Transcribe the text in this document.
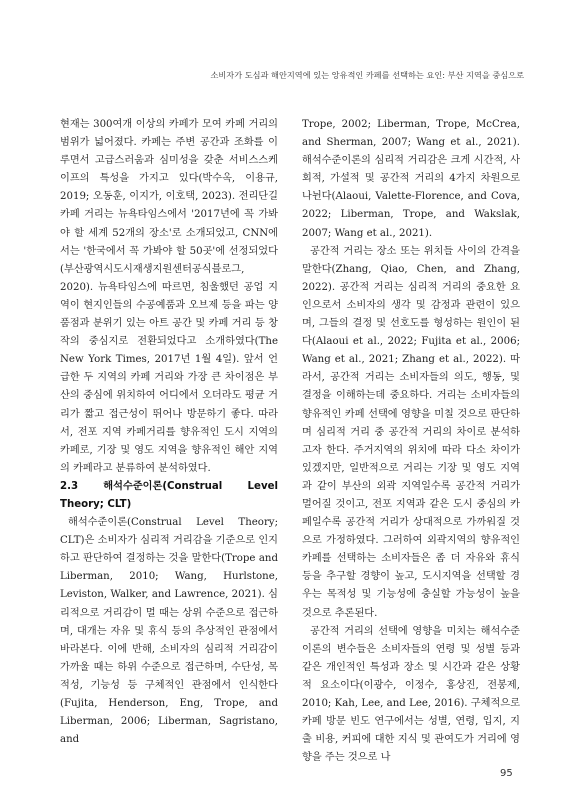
소비자가 도심과 해안지역에 있는 앙유적인 카페를 선택하는 요인: 부산 지역을 중심으로

현재는 300여개 이상의 카페가 모여 카페 거리의 범위가 넓어졌다. 카페는 주변 공간과 조화를 이루면서 고급스러움과 심미성을 갖춘 서비스스케이프의 특성을 가지고 있다(박수옥, 이용규, 2019; 오동훈, 이지가, 이호택, 2023). 전리단길 카페 거리는 뉴욕타임스에서 '2017년에 꼭 가봐야 할 세계 52개의 장소'로 소개되었고, CNN에서는 '한국에서 꼭 가봐야 할 50곳'에 선정되었다(부산광역시도시재생지원센터공식블로그, 2020). 뉴욕타임스에 따르면, 침울했던 공업 지역이 현지인들의 수공예품과 오브제 등을 파는 양품점과 분위기 있는 아트 공간 및 카페 거리 등 창작의 중심지로 전환되었다고 소개하였다(The New York Times, 2017년 1월 4일). 앞서 언급한 두 지역의 카페 거리와 가장 큰 차이점은 부산의 중심에 위치하여 어디에서 오더라도 평균 거리가 짧고 접근성이 뛰어나 방문하기 좋다. 따라서, 전포 지역 카페거리를 향유적인 도시 지역의 카페로, 기장 및 영도 지역을 향유적인 해안 지역의 카페라고 분류하여 분석하였다.

2.3 해석수준이론(Construal Level Theory; CLT)

해석수준이론(Construal Level Theory; CLT)은 소비자가 심리적 거리감을 기준으로 인지하고 판단하여 결정하는 것을 말한다(Trope and Liberman, 2010; Wang, Hurlstone, Leviston, Walker, and Lawrence, 2021). 심리적으로 거리감이 멀 때는 상위 수준으로 접근하며, 대개는 자유 및 휴식 등의 추상적인 관점에서 바라본다. 이에 반해, 소비자의 심리적 거리감이 가까울 때는 하위 수준으로 접근하며, 수단성, 목적성, 기능성 등 구체적인 관점에서 인식한다(Fujita, Henderson, Eng, Trope, and Liberman, 2006; Liberman, Sagristano, and

Trope, 2002; Liberman, Trope, McCrea, and Sherman, 2007; Wang et al., 2021). 해석수준이론의 심리적 거리감은 크게 시간적, 사회적, 가설적 및 공간적 거리의 4가지 차원으로 나뉜다(Alaoui, Valette-Florence, and Cova, 2022; Liberman, Trope, and Wakslak, 2007; Wang et al., 2021).

공간적 거리는 장소 또는 위치들 사이의 간격을 말한다(Zhang, Qiao, Chen, and Zhang, 2022). 공간적 거리는 심리적 거리의 중요한 요인으로서 소비자의 생각 및 감정과 관련이 있으며, 그들의 결정 및 선호도를 형성하는 원인이 된다(Alaoui et al., 2022; Fujita et al., 2006; Wang et al., 2021; Zhang et al., 2022). 따라서, 공간적 거리는 소비자들의 의도, 행동, 및 결정을 이해하는데 중요하다. 거리는 소비자들의 향유적인 카페 선택에 영향을 미칠 것으로 판단하며 심리적 거리 중 공간적 거리의 차이로 분석하고자 한다. 주거지역의 위치에 따라 다소 차이가 있겠지만, 일반적으로 거리는 기장 및 영도 지역과 같이 부산의 외곽 지역일수록 공간적 거리가 멀어질 것이고, 전포 지역과 같은 도시 중심의 카페일수록 공간적 거리가 상대적으로 가까워질 것으로 가정하였다. 그러하여 외곽지역의 향유적인 카페를 선택하는 소비자들은 좀 더 자유와 휴식 등을 추구할 경향이 높고, 도시지역을 선택할 경우는 목적성 및 기능성에 충실할 가능성이 높을 것으로 추론된다.

공간적 거리의 선택에 영향을 미치는 해석수준이론의 변수들은 소비자들의 연령 및 성별 등과 같은 개인적인 특성과 장소 및 시간과 같은 상황적 요소이다(이광수, 이정수, 홍상진, 전봉제, 2010; Kah, Lee, and Lee, 2016). 구체적으로 카페 방문 빈도 연구에서는 성별, 연령, 입지, 지출 비용, 커피에 대한 지식 및 관여도가 거리에 영향을 주는 것으로 나

95
